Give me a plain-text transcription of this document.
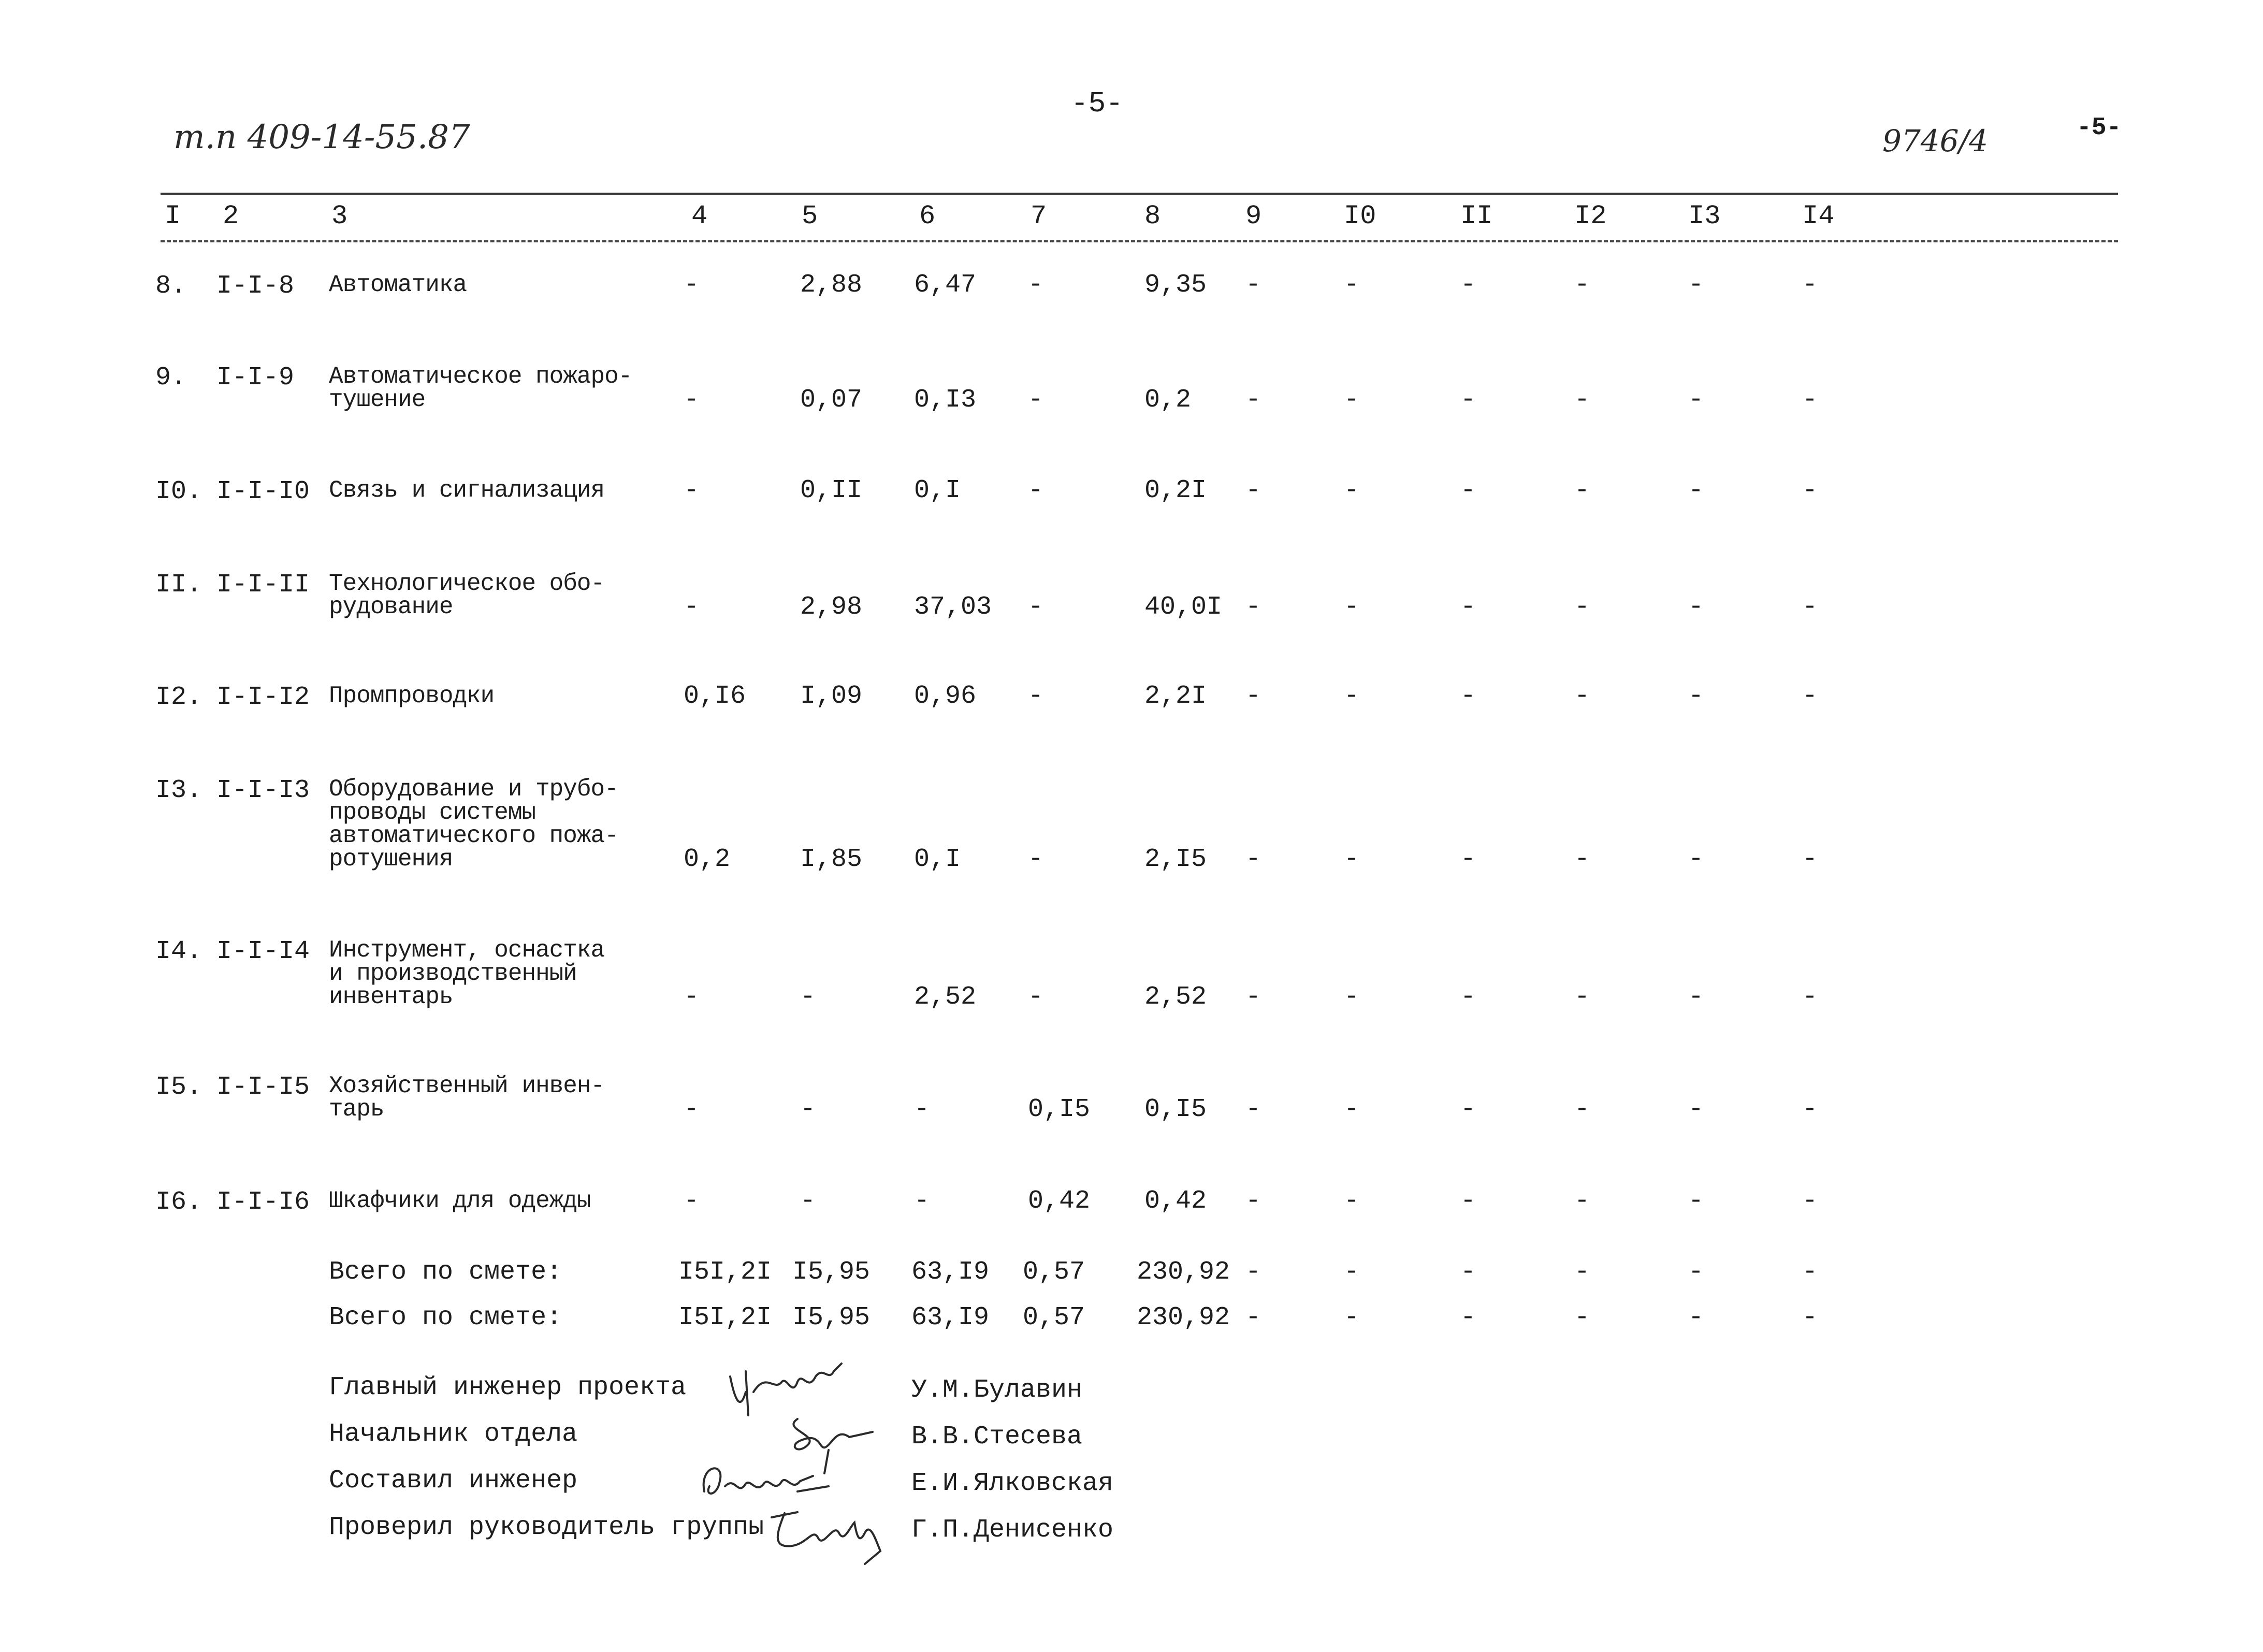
т.п 409-14-55.87
-5-
9746/4	-5-
I 2	3	4	5	6	7	8	9	I0	II	I2	I3	I4
8. I-I-8 Автоматика	-	2,88 6,47 -	9,35 -	-	-	-	-	-
9. I-I-9 Автоматическое пожаро-
тушение	-	0,07 0,I3 -	0,2 -	-	-	-	-	-
I0. I-I-I0 Связь и сигнализация	-	0,II 0,I	-	0,2I -	-	-	-	-	-
II. I-I-II Технологическое обо-
рудование	-	2,98 37,03 -	40,0I -	-	-	-	-	-
I2. I-I-I2 Промпроводки	0,I6 I,09 0,96 -	2,2I -	-	-	-	-	-
I3. I-I-I3 Оборудование и трубо-
проводы системы
автоматического пожа-
ротушения	0,2	I,85 0,I	-	2,I5 -	-	-	-	-	-
I4. I-I-I4 Инструмент, оснастка
и производственный
инвентарь	-	-	2,52 -	2,52 -	-	-	-	-	-
I5. I-I-I5 Хозяйственный инвен-
тарь	-	-	-	0,I5 0,I5 -	-	-	-	-	-
I6. I-I-I6 Шкафчики для одежды	-	-	-	0,42 0,42 -	-	-	-	-	-
Всего по смете:	I5I,2I I5,95 63,I9 0,57 230,92 -	-	-	-	-	-
Всего по смете:	I5I,2I I5,95 63,I9 0,57 230,92 -	-	-	-	-	-
Главный инженер проекта	У.М.Булавин
Начальник отдела	В.В.Стесева
Составил инженер	Е.И.Ялковская
Проверил руководитель группы	Г.П.Денисенко
